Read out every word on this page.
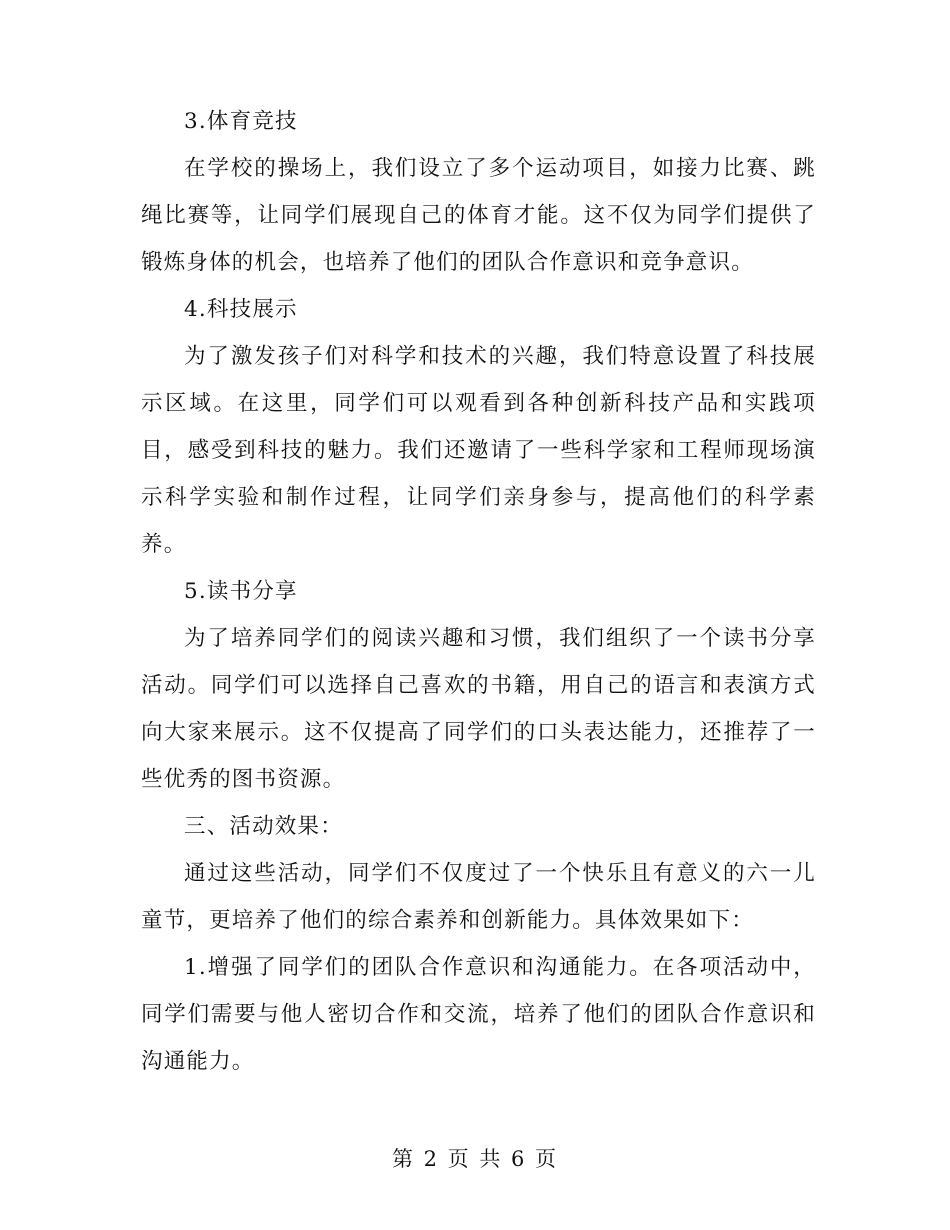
3.体育竞技

在学校的操场上，我们设立了多个运动项目，如接力比赛、跳绳比赛等，让同学们展现自己的体育才能。这不仅为同学们提供了锻炼身体的机会，也培养了他们的团队合作意识和竞争意识。

4.科技展示

为了激发孩子们对科学和技术的兴趣，我们特意设置了科技展示区域。在这里，同学们可以观看到各种创新科技产品和实践项目，感受到科技的魅力。我们还邀请了一些科学家和工程师现场演示科学实验和制作过程，让同学们亲身参与，提高他们的科学素养。

5.读书分享

为了培养同学们的阅读兴趣和习惯，我们组织了一个读书分享活动。同学们可以选择自己喜欢的书籍，用自己的语言和表演方式向大家来展示。这不仅提高了同学们的口头表达能力，还推荐了一些优秀的图书资源。

三、活动效果：

通过这些活动，同学们不仅度过了一个快乐且有意义的六一儿童节，更培养了他们的综合素养和创新能力。具体效果如下：

1.增强了同学们的团队合作意识和沟通能力。在各项活动中，同学们需要与他人密切合作和交流，培养了他们的团队合作意识和沟通能力。

第 2 页 共 6 页
